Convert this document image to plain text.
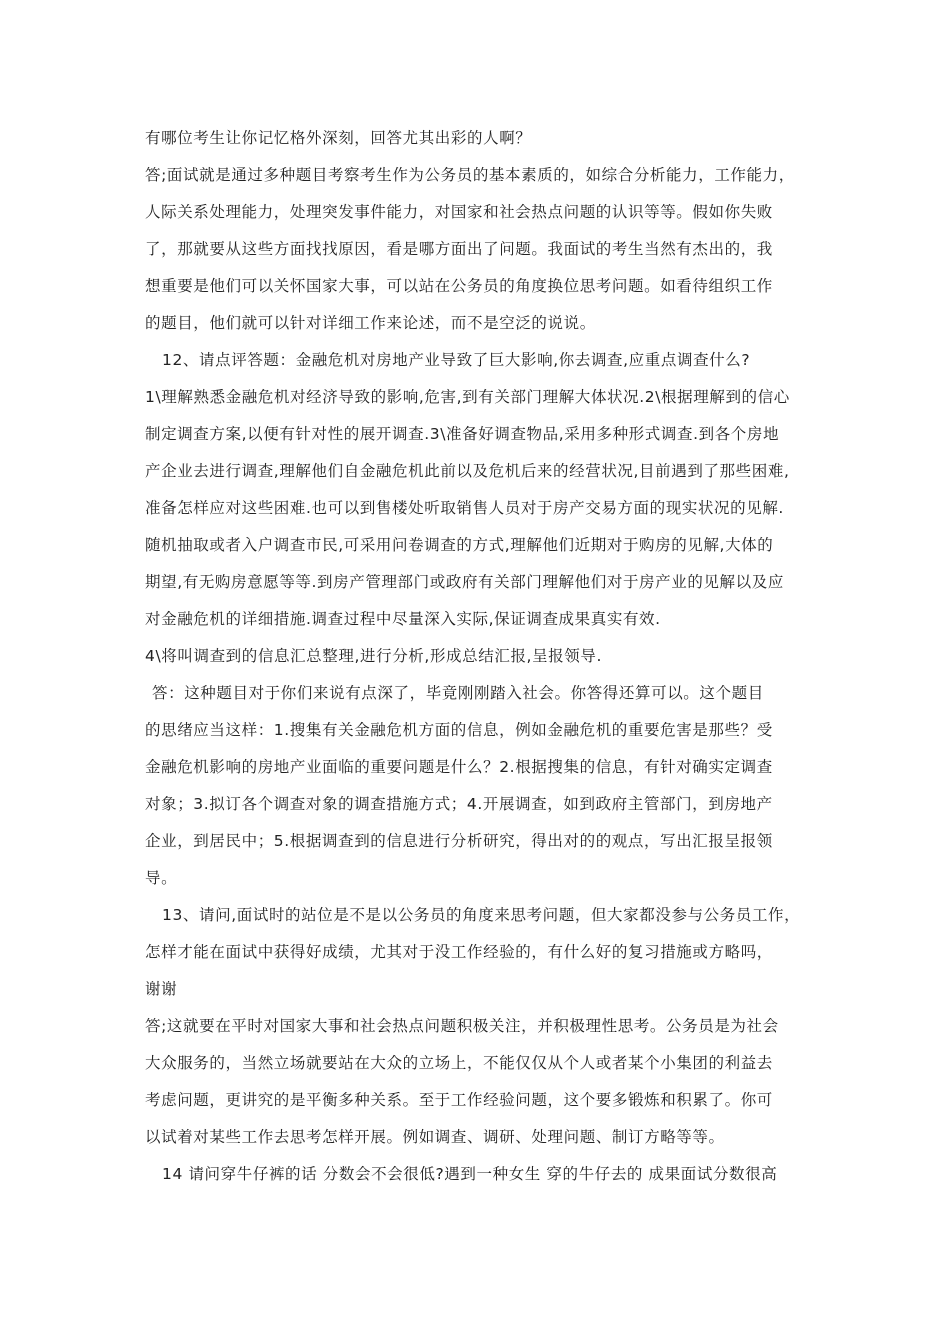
有哪位考生让你记忆格外深刻，回答尤其出彩的人啊？

答;面试就是通过多种题目考察考生作为公务员的基本素质的，如综合分析能力，工作能力，

人际关系处理能力，处理突发事件能力，对国家和社会热点问题的认识等等。假如你失败

了，那就要从这些方面找找原因，看是哪方面出了问题。我面试的考生当然有杰出的，我

想重要是他们可以关怀国家大事，可以站在公务员的角度换位思考问题。如看待组织工作

的题目，他们就可以针对详细工作来论述，而不是空泛的说说。

12、请点评答题：金融危机对房地产业导致了巨大影响,你去调查,应重点调查什么?

1\理解熟悉金融危机对经济导致的影响,危害,到有关部门理解大体状况.2\根据理解到的信心

制定调查方案,以便有针对性的展开调查.3\准备好调查物品,采用多种形式调查.到各个房地

产企业去进行调查,理解他们自金融危机此前以及危机后来的经营状况,目前遇到了那些困难,

准备怎样应对这些困难.也可以到售楼处听取销售人员对于房产交易方面的现实状况的见解.

随机抽取或者入户调查市民,可采用问卷调查的方式,理解他们近期对于购房的见解,大体的

期望,有无购房意愿等等.到房产管理部门或政府有关部门理解他们对于房产业的见解以及应

对金融危机的详细措施.调查过程中尽量深入实际,保证调查成果真实有效.

4\将叫调查到的信息汇总整理,进行分析,形成总结汇报,呈报领导.

答：这种题目对于你们来说有点深了，毕竟刚刚踏入社会。你答得还算可以。这个题目

的思绪应当这样：1.搜集有关金融危机方面的信息，例如金融危机的重要危害是那些？受

金融危机影响的房地产业面临的重要问题是什么？2.根据搜集的信息，有针对确实定调查

对象；3.拟订各个调查对象的调查措施方式；4.开展调查，如到政府主管部门，到房地产

企业，到居民中；5.根据调查到的信息进行分析研究，得出对的的观点，写出汇报呈报领

导。

13、请问,面试时的站位是不是以公务员的角度来思考问题，但大家都没参与公务员工作，

怎样才能在面试中获得好成绩，尤其对于没工作经验的，有什么好的复习措施或方略吗，

谢谢

答;这就要在平时对国家大事和社会热点问题积极关注，并积极理性思考。公务员是为社会

大众服务的，当然立场就要站在大众的立场上，不能仅仅从个人或者某个小集团的利益去

考虑问题，更讲究的是平衡多种关系。至于工作经验问题，这个要多锻炼和积累了。你可

以试着对某些工作去思考怎样开展。例如调查、调研、处理问题、制订方略等等。

14 请问穿牛仔裤的话 分数会不会很低?遇到一种女生 穿的牛仔去的 成果面试分数很高
